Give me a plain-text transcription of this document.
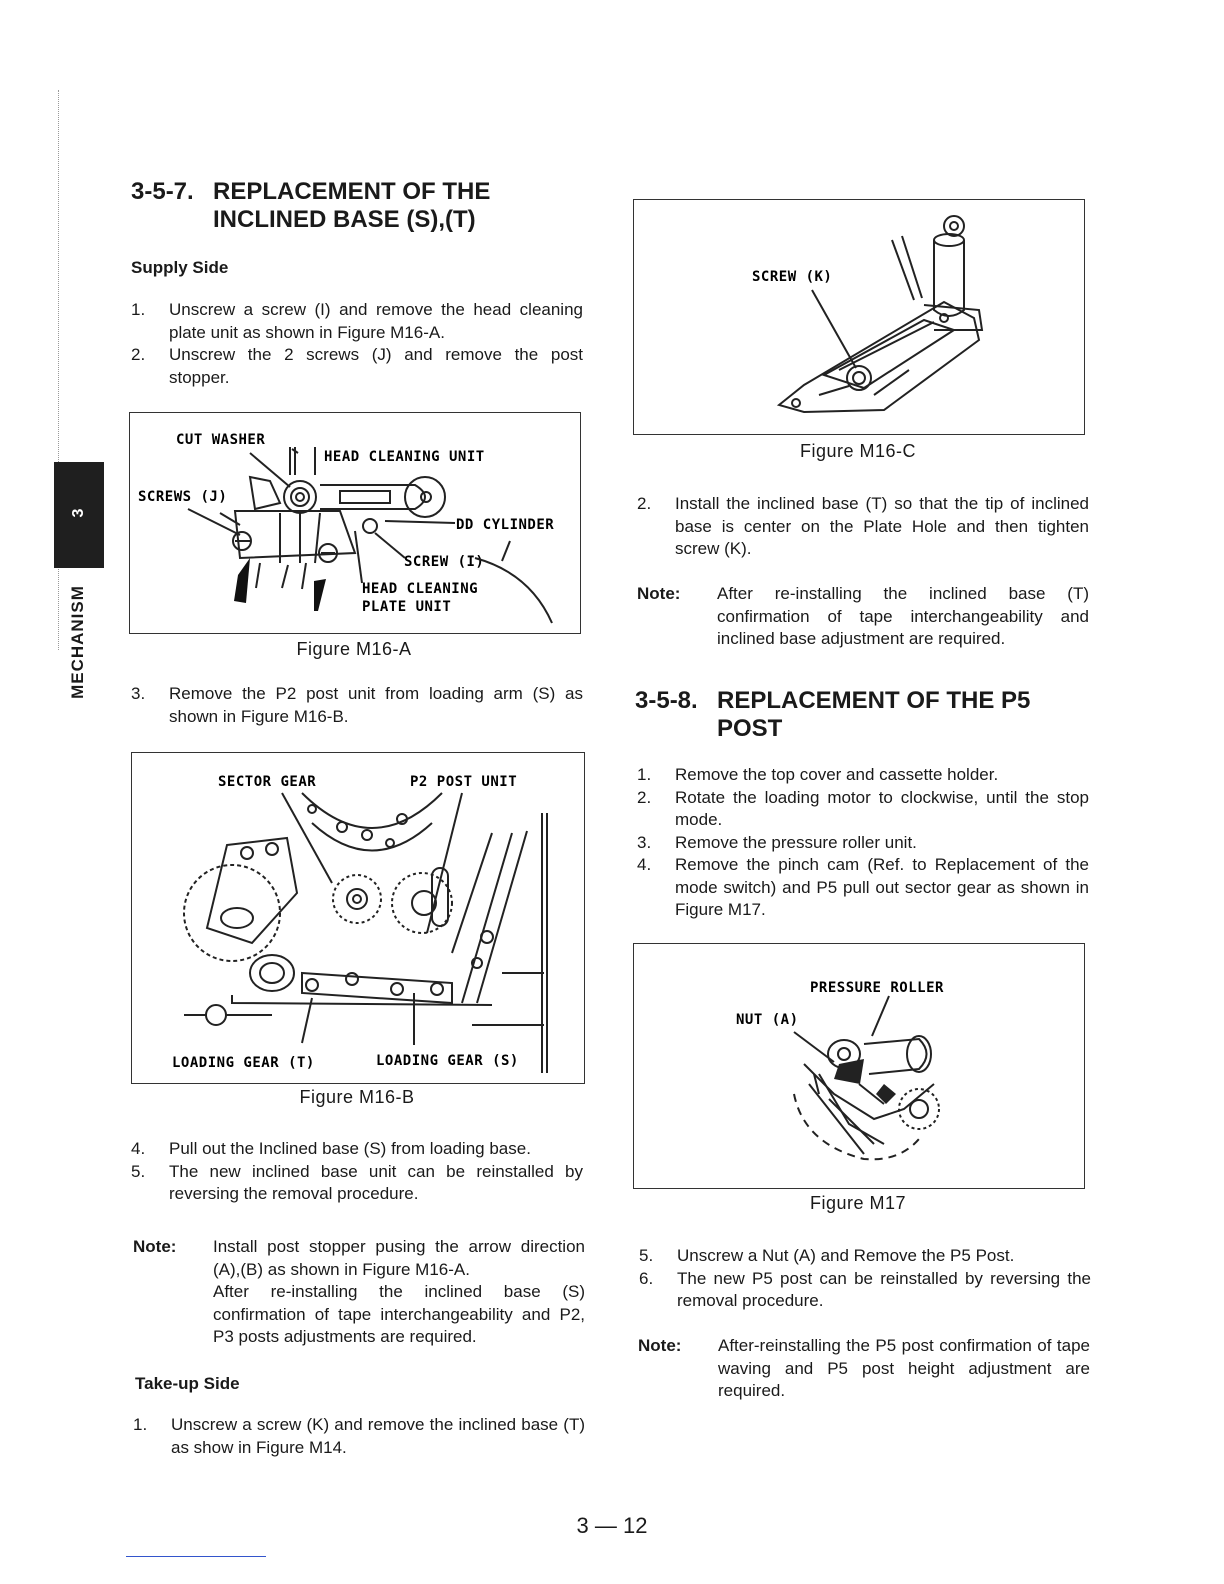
3
MECHANISM
3-5-7. REPLACEMENT OF THE
INCLINED BASE (S),(T)
Supply Side
1.	Unscrew a screw (I) and remove the head cleaning plate unit as shown in Figure M16-A.
2.	Unscrew the 2 screws (J) and remove the post stopper.
CUT WASHER
HEAD CLEANING UNIT
SCREWS (J)
DD CYLINDER
SCREW (I)
HEAD CLEANING
PLATE UNIT
Figure M16-A
3.	Remove the P2 post unit from loading arm (S) as shown in Figure M16-B.
SECTOR GEAR	P2 POST UNIT
LOADING GEAR (T)	LOADING GEAR (S)
Figure M16-B
4.	Pull out the Inclined base (S) from loading base.
5.	The new inclined base unit can be reinstalled by reversing the removal procedure.
Note:	Install post stopper pusing the arrow direction (A),(B) as shown in Figure M16-A.
After re-installing the inclined base (S) confirmation of tape interchangeability and P2, P3 posts adjustments are required.
Take-up Side
1.	Unscrew a screw (K) and remove the inclined base (T) as show in Figure M14.
SCREW (K)
Figure M16-C
2.	Install the inclined base (T) so that the tip of inclined base is center on the Plate Hole and then tighten screw (K).
Note:	After re-installing the inclined base (T) confirmation of tape interchangeability and inclined base adjustment are required.
3-5-8. REPLACEMENT OF THE P5
POST
1.	Remove the top cover and cassette holder.
2.	Rotate the loading motor to clockwise, until the stop mode.
3.	Remove the pressure roller unit.
4.	Remove the pinch cam (Ref. to Replacement of the mode switch) and P5 pull out sector gear as shown in Figure M17.
PRESSURE ROLLER
NUT (A)
Figure M17
5.	Unscrew a Nut (A) and Remove the P5 Post.
6.	The new P5 post can be reinstalled by reversing the removal procedure.
Note:	After-reinstalling the P5 post confirmation of tape waving and P5 post height adjustment are required.
3 — 12
